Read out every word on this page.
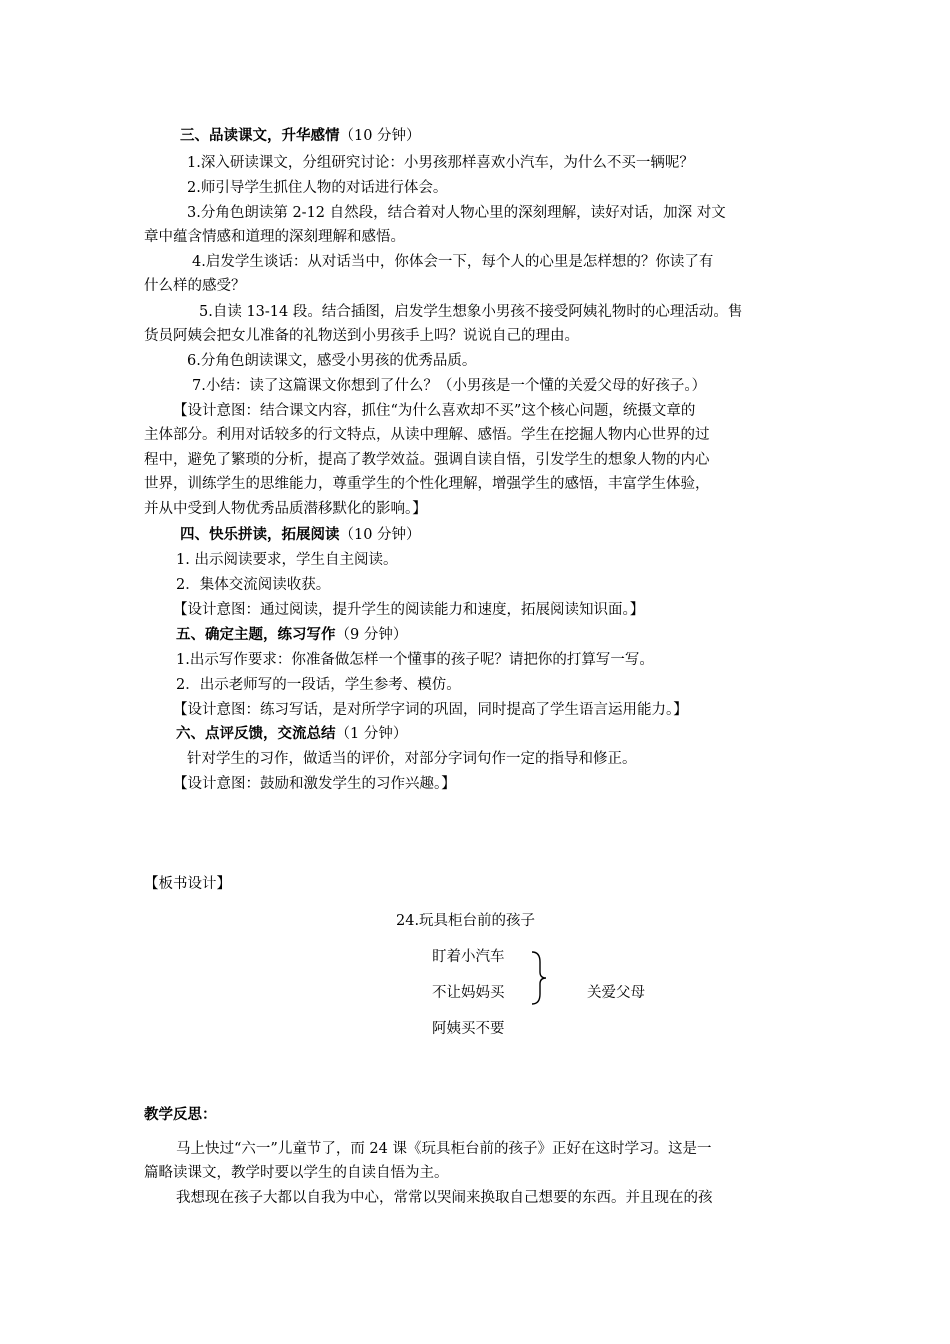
三、品读课文，升华感情（10 分钟）
1.深入研读课文，分组研究讨论：小男孩那样喜欢小汽车，为什么不买一辆呢？
2.师引导学生抓住人物的对话进行体会。
3.分角色朗读第 2-12 自然段，结合着对人物心里的深刻理解，读好对话，加深 对文
章中蕴含情感和道理的深刻理解和感悟。
4.启发学生谈话：从对话当中，你体会一下，每个人的心里是怎样想的？你读了有
什么样的感受？
5.自读 13-14 段。结合插图，启发学生想象小男孩不接受阿姨礼物时的心理活动。售
货员阿姨会把女儿准备的礼物送到小男孩手上吗？说说自己的理由。
6.分角色朗读课文，感受小男孩的优秀品质。
7.小结：读了这篇课文你想到了什么？（小男孩是一个懂的关爱父母的好孩子。）
【设计意图：结合课文内容，抓住“为什么喜欢却不买”这个核心问题，统摄文章的
主体部分。利用对话较多的行文特点，从读中理解、感悟。学生在挖掘人物内心世界的过
程中，避免了繁琐的分析，提高了教学效益。强调自读自悟，引发学生的想象人物的内心
世界，训练学生的思维能力，尊重学生的个性化理解，增强学生的感悟，丰富学生体验，
并从中受到人物优秀品质潜移默化的影响。】
四、快乐拼读，拓展阅读（10 分钟）
1. 出示阅读要求，学生自主阅读。
2．集体交流阅读收获。
【设计意图：通过阅读，提升学生的阅读能力和速度，拓展阅读知识面。】
五、确定主题，练习写作（9 分钟）
1.出示写作要求：你准备做怎样一个懂事的孩子呢？请把你的打算写一写。
2．出示老师写的一段话，学生参考、模仿。
【设计意图：练习写话，是对所学字词的巩固，同时提高了学生语言运用能力。】
六、点评反馈，交流总结（1 分钟）
针对学生的习作，做适当的评价，对部分字词句作一定的指导和修正。
【设计意图：鼓励和激发学生的习作兴趣。】
【板书设计】
24.玩具柜台前的孩子
盯着小汽车
不让妈妈买
阿姨买不要
关爱父母
教学反思：
马上快过“六一”儿童节了，而 24 课《玩具柜台前的孩子》正好在这时学习。这是一
篇略读课文，教学时要以学生的自读自悟为主。
我想现在孩子大都以自我为中心，常常以哭闹来换取自己想要的东西。并且现在的孩
